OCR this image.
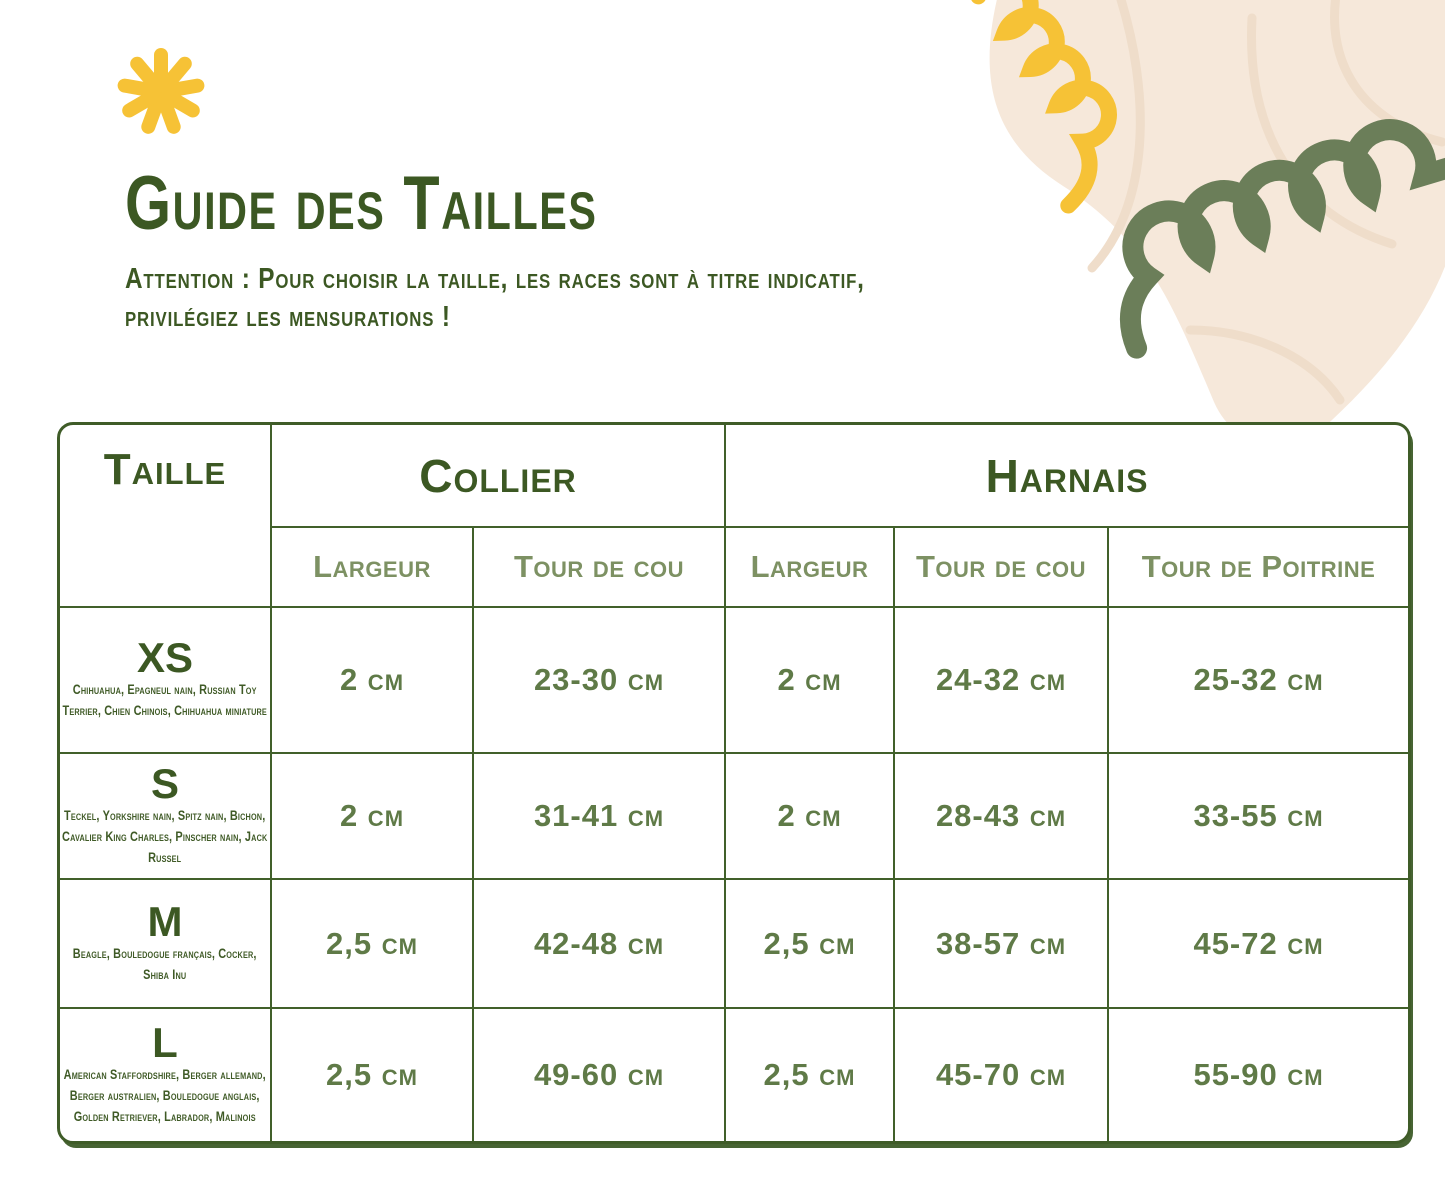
Guide des Tailles

Attention : Pour choisir la taille, les races sont à titre indicatif,
privilégiez les mensurations !

Taille	Collier		Harnais		
	Largeur	Tour de cou	Largeur	Tour de cou	Tour de Poitrine

XS
Chihuahua, Epagneul nain, Russian Toy Terrier, Chien Chinois, Chihuahua miniature	2 cm	23-30 cm	2 cm	24-32 cm	25-32 cm

S
Teckel, Yorkshire nain, Spitz nain, Bichon, Cavalier King Charles, Pinscher nain, Jack Russel	2 cm	31-41 cm	2 cm	28-43 cm	33-55 cm

M
Beagle, Bouledogue français, Cocker, Shiba Inu	2,5 cm	42-48 cm	2,5 cm	38-57 cm	45-72 cm

L
American Staffordshire, Berger allemand, Berger australien, Bouledogue anglais, Golden Retriever, Labrador, Malinois	2,5 cm	49-60 cm	2,5 cm	45-70 cm	55-90 cm
